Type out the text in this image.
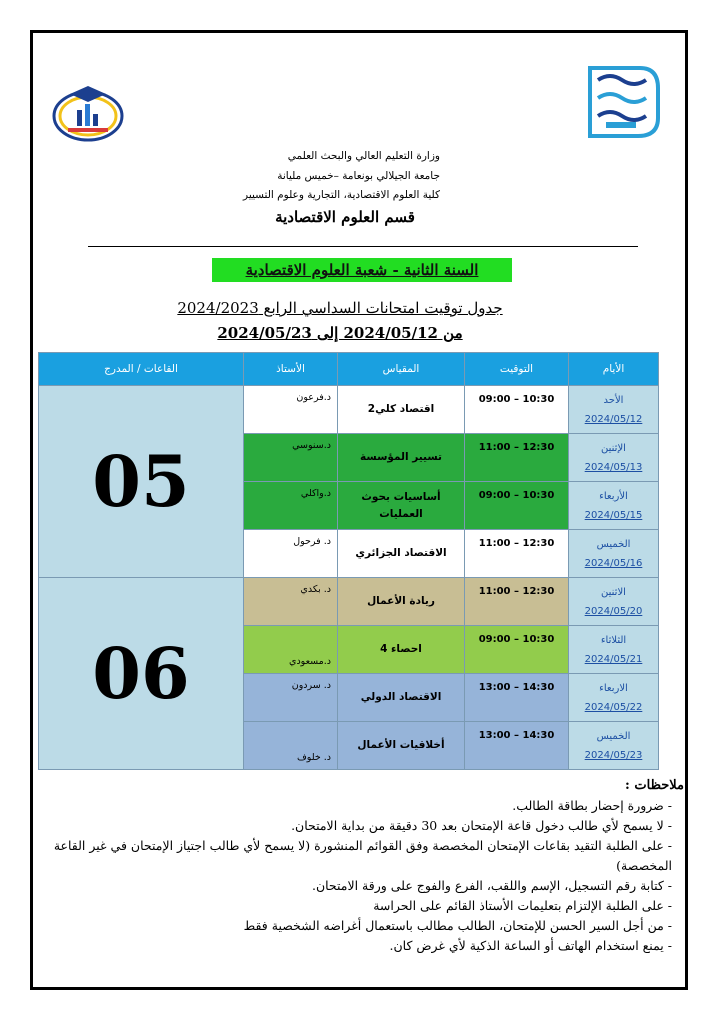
وزارة التعليم العالي والبحث العلمي
جامعة الجيلالي بونعامة –خميس مليانة
كلية العلوم الاقتصادية، التجارية وعلوم التسيير
قسم العلوم الاقتصادية
السنة الثانية - شعبة العلوم الاقتصادية
جدول توقيت امتحانات السداسي الرابع 2024/2023
من 2024/05/12 إلى 2024/05/23
القاعات / المدرج	الأستاذ	المقياس	التوقيت	الأيام

05	د.فرعون	اقتصاد كلي2	09:00 – 10:30	الأحد
2024/05/12

	د.سنوسي	تسيير المؤسسة	11:00 – 12:30	الإثنين
2024/05/13

	د.واكلي	أساسيات بحوث العمليات	09:00 – 10:30	الأربعاء
2024/05/15

	د. فرحول	الاقتصاد الجزائري	11:00 – 12:30	الخميس
2024/05/16

06	د. بكدي	ريادة الأعمال	11:00 – 12:30	الاثنين
2024/05/20

	د.مسعودي	احصاء 4	09:00 – 10:30	الثلاثاء
2024/05/21

	د. سردون	الاقتصاد الدولي	13:00 – 14:30	الاربعاء
2024/05/22

	د. خلوف	أخلاقيات الأعمال	13:00 – 14:30	الخميس
2024/05/23
ملاحظات :
- ضرورة إحضار بطاقة الطالب.
- لا يسمح لأي طالب دخول قاعة الإمتحان بعد 30 دقيقة من بداية الامتحان.
- على الطلبة التقيد بقاعات الإمتحان المخصصة وفق القوائم المنشورة (لا يسمح لأي طالب اجتياز الإمتحان في غير القاعة المخصصة)
- كتابة رقم التسجيل، الإسم واللقب، الفرع والفوج على ورقة الامتحان.
- على الطلبة الإلتزام بتعليمات الأستاذ القائم على الحراسة
- من أجل السير الحسن للإمتحان، الطالب مطالب باستعمال أغراضه الشخصية فقط
- يمنع استخدام الهاتف أو الساعة الذكية لأي غرض كان.
